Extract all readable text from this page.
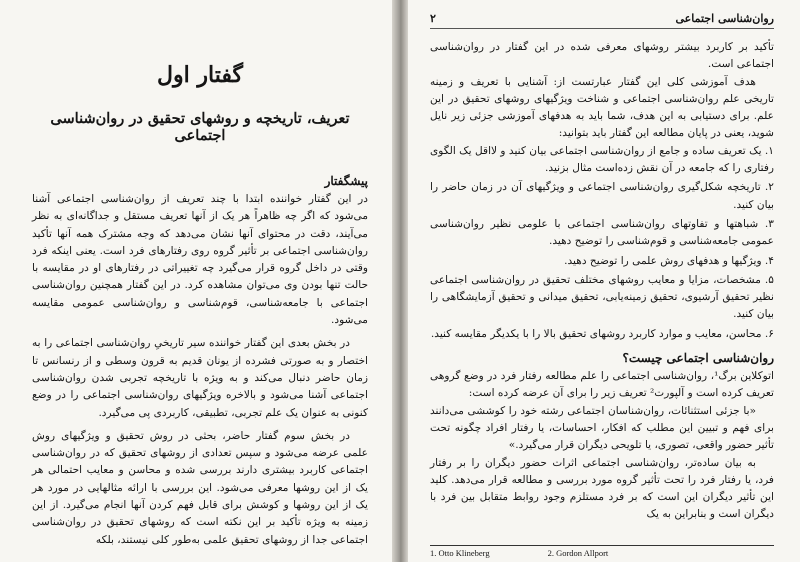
گفتار اول
تعریف، تاریخچه و روشهای تحقیق در روان‌شناسی اجتماعی
پیشگفتار

در این گفتار خواننده ابتدا با چند تعریف از روان‌شناسی اجتماعی آشنا می‌شود که اگر چه ظاهراً هر یک از آنها تعریف مستقل و جداگانه‌ای به نظر می‌آیند، دقت در محتوای آنها نشان می‌دهد که وجه مشترک همه آنها تأکید روان‌شناسی اجتماعی بر تأثیر گروه روی رفتارهای فرد است. یعنی اینکه فرد وقتی در داخل گروه قرار می‌گیرد چه تغییراتی در رفتارهای او در مقایسه با حالت تنها بودن وی می‌توان مشاهده کرد. در این گفتار همچنین روان‌شناسی اجتماعی با جامعه‌شناسی، قوم‌شناسی و روان‌شناسی عمومی مقایسه می‌شود.

در بخش بعدی این گفتار خواننده سیر تاریخیِ روان‌شناسی اجتماعی را به اختصار و به صورتی فشرده از یونان قدیم به قرون وسطی و از رنسانس تا زمان حاضر دنبال می‌کند و به ویژه با تاریخچه تجربی شدن روان‌شناسی اجتماعی آشنا می‌شود و بالاخره ویژگیهای روان‌شناسی اجتماعی را در وضع کنونی به عنوان یک علم تجربی، تطبیقی، کاربردی پی می‌گیرد.

در بخش سوم گفتار حاضر، بحثی در روش تحقیق و ویژگیهای روش علمی عرضه می‌شود و سپس تعدادی از روشهای تحقیق که در روان‌شناسی اجتماعی کاربرد بیشتری دارند بررسی شده و محاسن و معایب احتمالی هر یک از این روشها معرفی می‌شود. این بررسی با ارائه مثالهایی در مورد هر یک از این روشها و کوشش برای قابل فهم کردن آنها انجام می‌گیرد. از این زمینه به ویژه تأکید بر این نکته است که روشهای تحقیق در روان‌شناسی اجتماعی جدا از روشهای تحقیق علمی به‌طور کلی نیستند، بلکه

روان‌شناسی اجتماعی
۲

تأکید بر کاربرد بیشتر روشهای معرفی شده در این گفتار در روان‌شناسی اجتماعی است.

هدف آموزشی کلی این گفتار عبارتست از: آشنایی با تعریف و زمینه تاریخی علم روان‌شناسی اجتماعی و شناخت ویژگیهای روشهای تحقیق در این علم. برای دستیابی به این هدف، شما باید به هدفهای آموزشی جزئی زیر نایل شوید، یعنی در پایان مطالعه این گفتار باید بتوانید:

۱. یک تعریف ساده و جامع از روان‌شناسی اجتماعی بیان کنید و لااقل یک الگوی رفتاری را که جامعه در آن نقش زده‌است مثال بزنید.

۲. تاریخچه شکل‌گیری روان‌شناسی اجتماعی و ویژگیهای آن در زمان حاضر را بیان کنید.

۳. شباهتها و تفاوتهای روان‌شناسی اجتماعی با علومی نظیر روان‌شناسی عمومی جامعه‌شناسی و قوم‌شناسی را توضیح دهید.

۴. ویژگیها و هدفهای روش علمی را توضیح دهید.

۵. مشخصات، مزایا و معایب روشهای مختلف تحقیق در روان‌شناسی اجتماعی نظیر تحقیق آرشیوی، تحقیق زمینه‌یابی، تحقیق میدانی و تحقیق آزمایشگاهی را بیان کنید.

۶. محاسن، معایب و موارد کاربرد روشهای تحقیق بالا را با یکدیگر مقایسه کنید.

روان‌شناسی اجتماعی چیست؟

اتوکلاین برگ¹، روان‌شناسی اجتماعی را علم مطالعه رفتار فرد در وضع گروهی تعریف کرده است و آلپورت² تعریف زیر را برای آن عرضه کرده است:

«با جزئی استثنائات، روان‌شناسان اجتماعی رشته خود را کوششی می‌دانند برای فهم و تبیین این مطلب که افکار، احساسات، یا رفتار افراد چگونه تحت تأثیر حضور واقعی، تصوری، یا تلویحی دیگران قرار می‌گیرد.»

به بیان ساده‌تر، روان‌شناسی اجتماعی اثرات حضور دیگران را بر رفتار فرد، یا رفتار فرد را تحت تأثیر گروه مورد بررسی و مطالعه قرار می‌دهد. کلید این تأثیر دیگران این است که بر فرد مستلزم وجود روابط متقابل بین فرد با دیگران است و بنابراین به یک

1. Otto Klineberg	2. Gordon Allport
